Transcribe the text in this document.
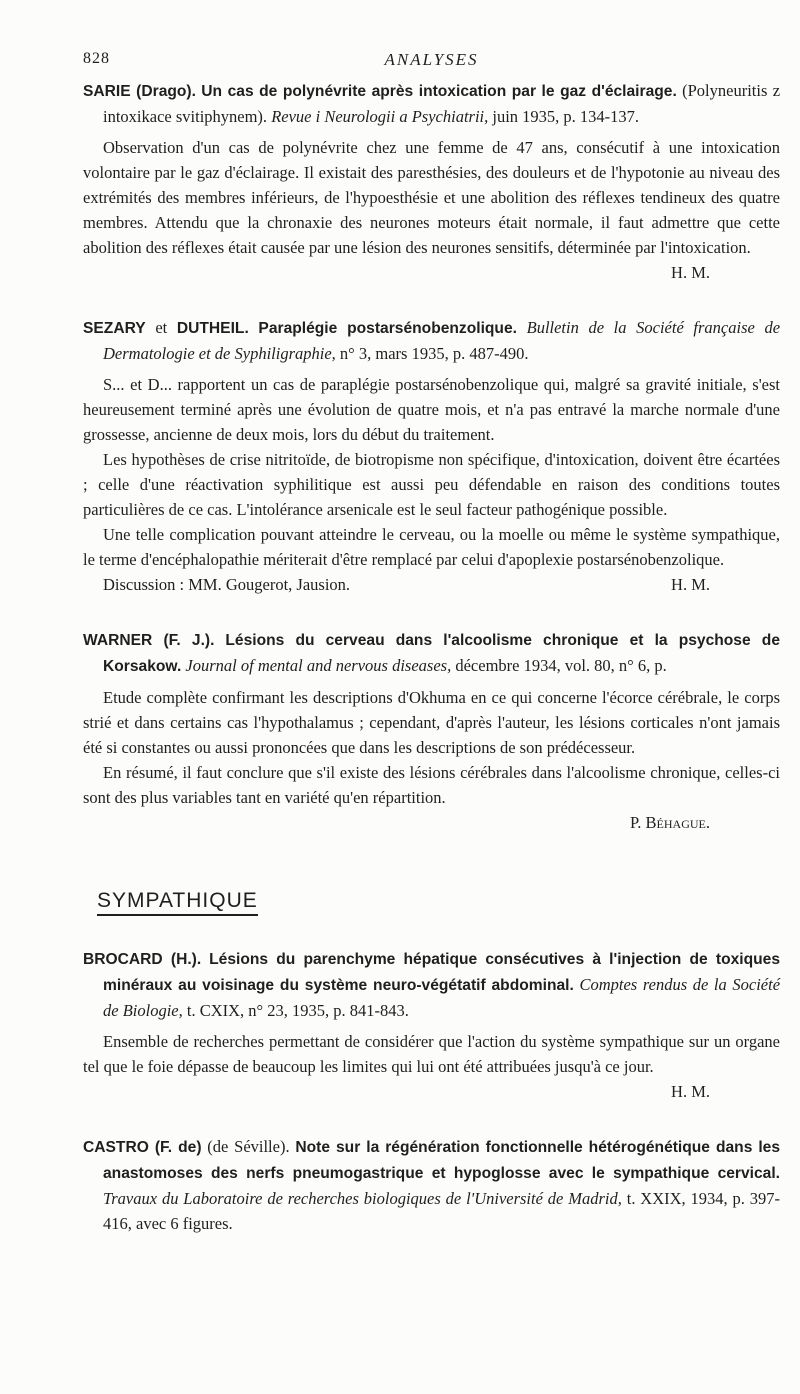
828	ANALYSES

SARIE (Drago). Un cas de polynévrite après intoxication par le gaz d'éclairage. (Polyneuritis z intoxikace svitiphynem). Revue i Neurologii a Psychiatrii, juin 1935, p. 134-137.

Observation d'un cas de polynévrite chez une femme de 47 ans, consécutif à une intoxication volontaire par le gaz d'éclairage. Il existait des paresthésies, des douleurs et de l'hypotonie au niveau des extrémités des membres inférieurs, de l'hypoesthésie et une abolition des réflexes tendineux des quatre membres. Attendu que la chronaxie des neurones moteurs était normale, il faut admettre que cette abolition des réflexes était causée par une lésion des neurones sensitifs, déterminée par l'intoxication.

H. M.

SEZARY et DUTHEIL. Paraplégie postarsénobenzolique. Bulletin de la Société française de Dermatologie et de Syphiligraphie, n° 3, mars 1935, p. 487-490.

S... et D... rapportent un cas de paraplégie postarsénobenzolique qui, malgré sa gravité initiale, s'est heureusement terminé après une évolution de quatre mois, et n'a pas entravé la marche normale d'une grossesse, ancienne de deux mois, lors du début du traitement.

Les hypothèses de crise nitritoïde, de biotropisme non spécifique, d'intoxication, doivent être écartées ; celle d'une réactivation syphilitique est aussi peu défendable en raison des conditions toutes particulières de ce cas. L'intolérance arsenicale est le seul facteur pathogénique possible.

Une telle complication pouvant atteindre le cerveau, ou la moelle ou même le système sympathique, le terme d'encéphalopathie mériterait d'être remplacé par celui d'apoplexie postarsénobenzolique.

Discussion : MM. Gougerot, Jausion.	H. M.

WARNER (F. J.). Lésions du cerveau dans l'alcoolisme chronique et la psychose de Korsakow. Journal of mental and nervous diseases, décembre 1934, vol. 80, n° 6, p.

Etude complète confirmant les descriptions d'Okhuma en ce qui concerne l'écorce cérébrale, le corps strié et dans certains cas l'hypothalamus ; cependant, d'après l'auteur, les lésions corticales n'ont jamais été si constantes ou aussi prononcées que dans les descriptions de son prédécesseur.

En résumé, il faut conclure que s'il existe des lésions cérébrales dans l'alcoolisme chronique, celles-ci sont des plus variables tant en variété qu'en répartition.

P. Béhague.

SYMPATHIQUE

BROCARD (H.). Lésions du parenchyme hépatique consécutives à l'injection de toxiques minéraux au voisinage du système neuro-végétatif abdominal. Comptes rendus de la Société de Biologie, t. CXIX, n° 23, 1935, p. 841-843.

Ensemble de recherches permettant de considérer que l'action du système sympathique sur un organe tel que le foie dépasse de beaucoup les limites qui lui ont été attribuées jusqu'à ce jour.

H. M.

CASTRO (F. de) (de Séville). Note sur la régénération fonctionnelle hétérogénétique dans les anastomoses des nerfs pneumogastrique et hypoglosse avec le sympathique cervical. Travaux du Laboratoire de recherches biologiques de l'Université de Madrid, t. XXIX, 1934, p. 397-416, avec 6 figures.
